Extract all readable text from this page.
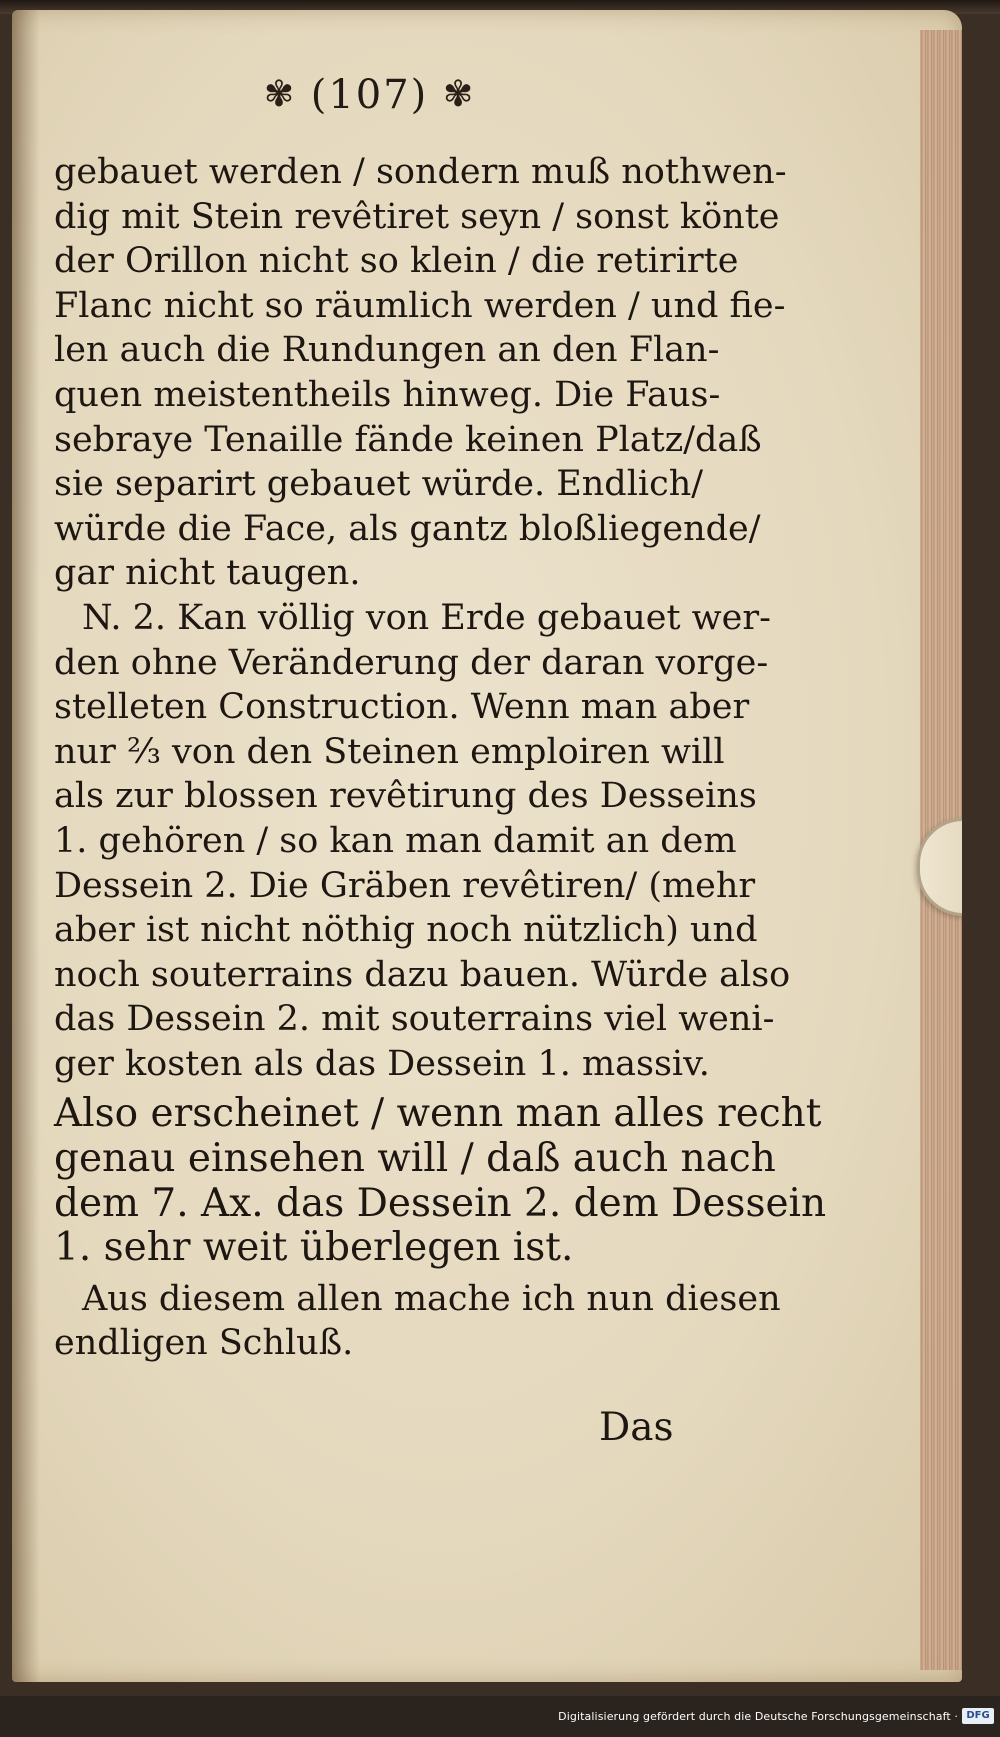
✾ (107) ✾
gebauet werden / sondern muß nothwen-
dig mit Stein revêtiret seyn / sonst könte
der Orillon nicht so klein / die retirirte
Flanc nicht so räumlich werden / und fie-
len auch die Rundungen an den Flan-
quen meistentheils hinweg. Die Faus-
sebraye Tenaille fände keinen Platz/daß
sie separirt gebauet würde. Endlich/
würde die Face, als gantz bloßliegende/
gar nicht taugen.
N. 2. Kan völlig von Erde gebauet wer-
den ohne Veränderung der daran vorge-
stelleten Construction. Wenn man aber
nur ⅔ von den Steinen emploiren will
als zur blossen revêtirung des Desseins
1. gehören / so kan man damit an dem
Dessein 2. Die Gräben revêtiren/ (mehr
aber ist nicht nöthig noch nützlich) und
noch souterrains dazu bauen. Würde also
das Dessein 2. mit souterrains viel weni-
ger kosten als das Dessein 1. massiv.
Also erscheinet / wenn man alles recht
genau einsehen will / daß auch nach
dem 7. Ax. das Dessein 2. dem Dessein
1. sehr weit überlegen ist.
Aus diesem allen mache ich nun diesen
endligen Schluß.
Das
Digitalisierung gefördert durch die Deutsche Forschungsgemeinschaft · DFG
